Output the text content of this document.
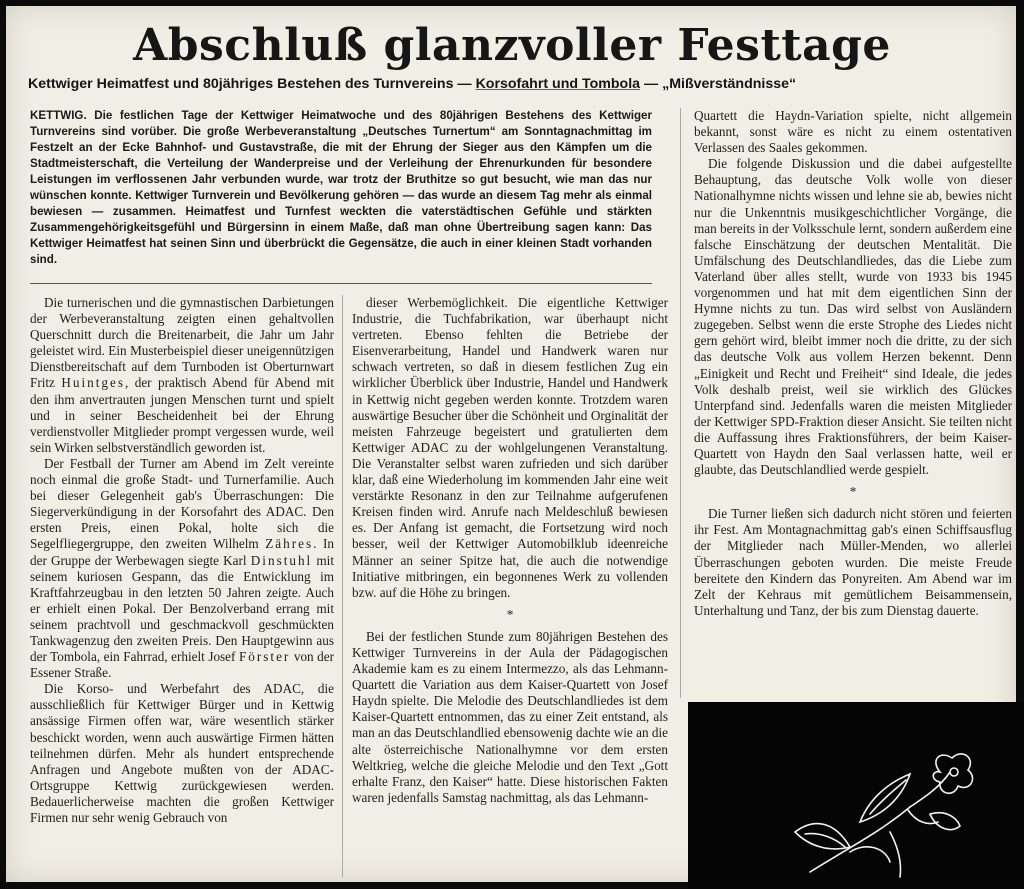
Abschluß glanzvoller Festtage

Kettwiger Heimatfest und 80jähriges Bestehen des Turnvereins — Korsofahrt und Tombola — „Mißverständnisse“

KETTWIG. Die festlichen Tage der Kettwiger Heimatwoche und des 80jährigen Bestehens des Kettwiger Turnvereins sind vorüber. Die große Werbeveranstaltung „Deutsches Turnertum“ am Sonntagnachmittag im Festzelt an der Ecke Bahnhof- und Gustavstraße, die mit der Ehrung der Sieger aus den Kämpfen um die Stadtmeisterschaft, die Verteilung der Wanderpreise und der Verleihung der Ehrenurkunden für besondere Leistungen im verflossenen Jahr verbunden wurde, war trotz der Bruthitze so gut besucht, wie man das nur wünschen konnte. Kettwiger Turnverein und Bevölkerung gehören — das wurde an diesem Tag mehr als einmal bewiesen — zusammen. Heimatfest und Turnfest weckten die vaterstädtischen Gefühle und stärkten Zusammengehörigkeitsgefühl und Bürgersinn in einem Maße, daß man ohne Übertreibung sagen kann: Das Kettwiger Heimatfest hat seinen Sinn und überbrückt die Gegensätze, die auch in einer kleinen Stadt vorhanden sind.

Die turnerischen und die gymnastischen Darbietungen der Werbeveranstaltung zeigten einen gehaltvollen Querschnitt durch die Breitenarbeit, die Jahr um Jahr geleistet wird. Ein Musterbeispiel dieser uneigennützigen Dienstbereitschaft auf dem Turnboden ist Oberturnwart Fritz Huintges, der praktisch Abend für Abend mit den ihm anvertrauten jungen Menschen turnt und spielt und in seiner Bescheidenheit bei der Ehrung verdienstvoller Mitglieder prompt vergessen wurde, weil sein Wirken selbstverständlich geworden ist.

Der Festball der Turner am Abend im Zelt vereinte noch einmal die große Stadt- und Turnerfamilie. Auch bei dieser Gelegenheit gab's Überraschungen: Die Siegerverkündigung in der Korsofahrt des ADAC. Den ersten Preis, einen Pokal, holte sich die Segelfliegergruppe, den zweiten Wilhelm Zähres. In der Gruppe der Werbewagen siegte Karl Dinstuhl mit seinem kuriosen Gespann, das die Entwicklung im Kraftfahrzeugbau in den letzten 50 Jahren zeigte. Auch er erhielt einen Pokal. Der Benzolverband errang mit seinem prachtvoll und geschmackvoll geschmückten Tankwagenzug den zweiten Preis. Den Hauptgewinn aus der Tombola, ein Fahrrad, erhielt Josef Förster von der Essener Straße.

Die Korso- und Werbefahrt des ADAC, die ausschließlich für Kettwiger Bürger und in Kettwig ansässige Firmen offen war, wäre wesentlich stärker beschickt worden, wenn auch auswärtige Firmen hätten teilnehmen dürfen. Mehr als hundert entsprechende Anfragen und Angebote mußten von der ADAC-Ortsgruppe Kettwig zurückgewiesen werden. Bedauerlicherweise machten die großen Kettwiger Firmen nur sehr wenig Gebrauch von

dieser Werbemöglichkeit. Die eigentliche Kettwiger Industrie, die Tuchfabrikation, war überhaupt nicht vertreten. Ebenso fehlten die Betriebe der Eisenverarbeitung, Handel und Handwerk waren nur schwach vertreten, so daß in diesem festlichen Zug ein wirklicher Überblick über Industrie, Handel und Handwerk in Kettwig nicht gegeben werden konnte. Trotzdem waren auswärtige Besucher über die Schönheit und Orginalität der meisten Fahrzeuge begeistert und gratulierten dem Kettwiger ADAC zu der wohlgelungenen Veranstaltung. Die Veranstalter selbst waren zufrieden und sich darüber klar, daß eine Wiederholung im kommenden Jahr eine weit verstärkte Resonanz in den zur Teilnahme aufgerufenen Kreisen finden wird. Anrufe nach Meldeschluß bewiesen es. Der Anfang ist gemacht, die Fortsetzung wird noch besser, weil der Kettwiger Automobilklub ideenreiche Männer an seiner Spitze hat, die auch die notwendige Initiative mitbringen, ein begonnenes Werk zu vollenden bzw. auf die Höhe zu bringen.

*

Bei der festlichen Stunde zum 80jährigen Bestehen des Kettwiger Turnvereins in der Aula der Pädagogischen Akademie kam es zu einem Intermezzo, als das Lehmann-Quartett die Variation aus dem Kaiser-Quartett von Josef Haydn spielte. Die Melodie des Deutschlandliedes ist dem Kaiser-Quartett entnommen, das zu einer Zeit entstand, als man an das Deutschlandlied ebensowenig dachte wie an die alte österreichische Nationalhymne vor dem ersten Weltkrieg, welche die gleiche Melodie und den Text „Gott erhalte Franz, den Kaiser“ hatte. Diese historischen Fakten waren jedenfalls Samstag nachmittag, als das Lehmann-

Quartett die Haydn-Variation spielte, nicht allgemein bekannt, sonst wäre es nicht zu einem ostentativen Verlassen des Saales gekommen.

Die folgende Diskussion und die dabei aufgestellte Behauptung, das deutsche Volk wolle von dieser Nationalhymne nichts wissen und lehne sie ab, bewies nicht nur die Unkenntnis musikgeschichtlicher Vorgänge, die man bereits in der Volksschule lernt, sondern außerdem eine falsche Einschätzung der deutschen Mentalität. Die Umfälschung des Deutschlandliedes, das die Liebe zum Vaterland über alles stellt, wurde von 1933 bis 1945 vorgenommen und hat mit dem eigentlichen Sinn der Hymne nichts zu tun. Das wird selbst von Ausländern zugegeben. Selbst wenn die erste Strophe des Liedes nicht gern gehört wird, bleibt immer noch die dritte, zu der sich das deutsche Volk aus vollem Herzen bekennt. Denn „Einigkeit und Recht und Freiheit“ sind Ideale, die jedes Volk deshalb preist, weil sie wirklich des Glückes Unterpfand sind. Jedenfalls waren die meisten Mitglieder der Kettwiger SPD-Fraktion dieser Ansicht. Sie teilten nicht die Auffassung ihres Fraktionsführers, der beim Kaiser-Quartett von Haydn den Saal verlassen hatte, weil er glaubte, das Deutschlandlied werde gespielt.

*

Die Turner ließen sich dadurch nicht stören und feierten ihr Fest. Am Montagnachmittag gab's einen Schiffsausflug der Mitglieder nach Müller-Menden, wo allerlei Überraschungen geboten wurden. Die meiste Freude bereitete den Kindern das Ponyreiten. Am Abend war im Zelt der Kehraus mit gemütlichem Beisammensein, Unterhaltung und Tanz, der bis zum Dienstag dauerte.
